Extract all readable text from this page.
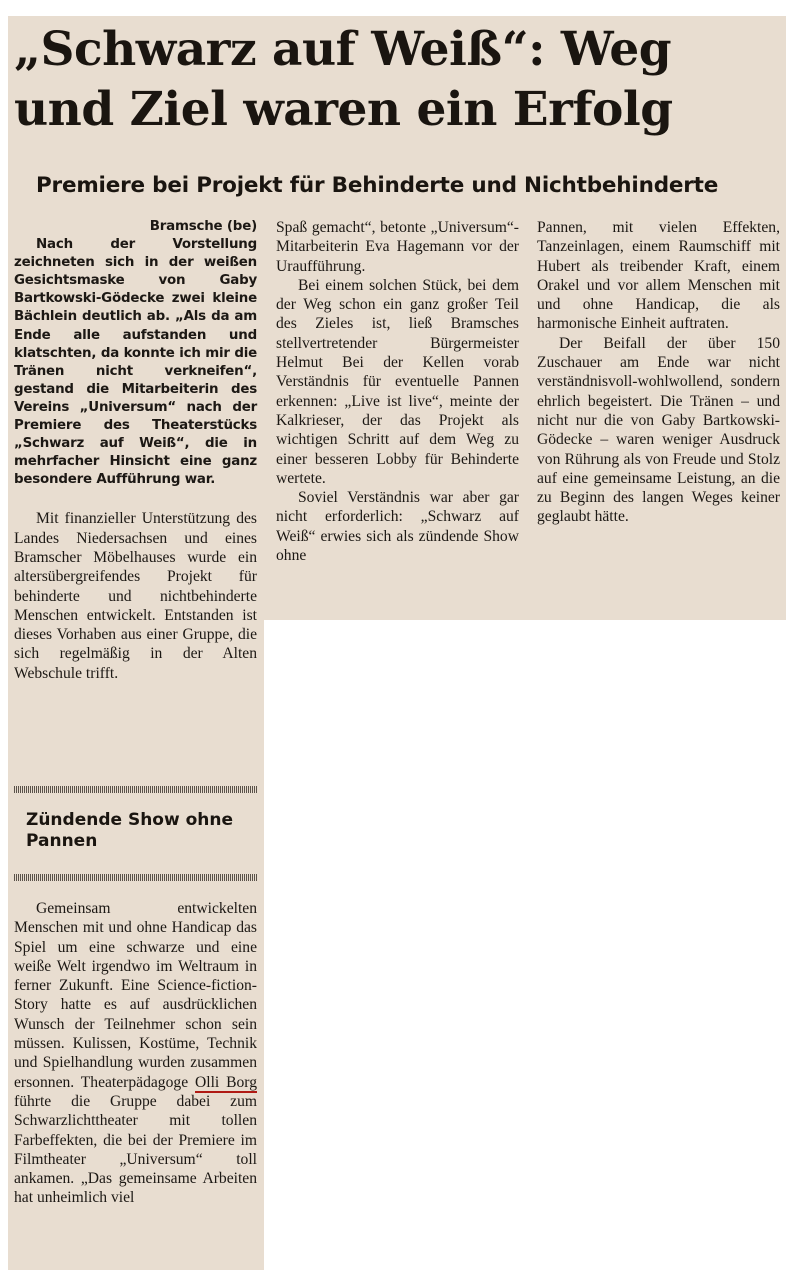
„Schwarz auf Weiß“: Weg
und Ziel waren ein Erfolg
Premiere bei Projekt für Behinderte und Nichtbehinderte

Bramsche (be)

Nach der Vorstellung zeichneten sich in der weißen Gesichtsmaske von Gaby Bartkowski-Gödecke zwei kleine Bächlein deutlich ab. „Als da am Ende alle aufstanden und klatschten, da konnte ich mir die Tränen nicht verkneifen“, gestand die Mitarbeiterin des Vereins „Universum“ nach der Premiere des Theaterstücks „Schwarz auf Weiß“, die in mehrfacher Hinsicht eine ganz besondere Aufführung war.

Mit finanzieller Unterstützung des Landes Niedersachsen und eines Bramscher Möbelhauses wurde ein altersübergreifendes Projekt für behinderte und nichtbehinderte Menschen entwickelt. Entstanden ist dieses Vorhaben aus einer Gruppe, die sich regelmäßig in der Alten Webschule trifft.

Zündende Show ohne Pannen

Gemeinsam entwickelten Menschen mit und ohne Handicap das Spiel um eine schwarze und eine weiße Welt irgendwo im Weltraum in ferner Zukunft. Eine Science-fiction-Story hatte es auf ausdrücklichen Wunsch der Teilnehmer schon sein müssen. Kulissen, Kostüme, Technik und Spielhandlung wurden zusammen ersonnen. Theaterpädagoge Olli Borg führte die Gruppe dabei zum Schwarzlichttheater mit tollen Farbeffekten, die bei der Premiere im Filmtheater „Universum“ toll ankamen. „Das gemeinsame Arbeiten hat unheimlich viel

Spaß gemacht“, betonte „Universum“-Mitarbeiterin Eva Hagemann vor der Uraufführung.

Bei einem solchen Stück, bei dem der Weg schon ein ganz großer Teil des Zieles ist, ließ Bramsches stellvertretender Bürgermeister Helmut Bei der Kellen vorab Verständnis für eventuelle Pannen erkennen: „Live ist live“, meinte der Kalkrieser, der das Projekt als wichtigen Schritt auf dem Weg zu einer besseren Lobby für Behinderte wertete.

Soviel Verständnis war aber gar nicht erforderlich: „Schwarz auf Weiß“ erwies sich als zündende Show ohne

Pannen, mit vielen Effekten, Tanzeinlagen, einem Raumschiff mit Hubert als treibender Kraft, einem Orakel und vor allem Menschen mit und ohne Handicap, die als harmonische Einheit auftraten.

Der Beifall der über 150 Zuschauer am Ende war nicht verständnisvoll-wohlwollend, sondern ehrlich begeistert. Die Tränen – und nicht nur die von Gaby Bartkowski-Gödecke – waren weniger Ausdruck von Rührung als von Freude und Stolz auf eine gemeinsame Leistung, an die zu Beginn des langen Weges keiner geglaubt hätte.
